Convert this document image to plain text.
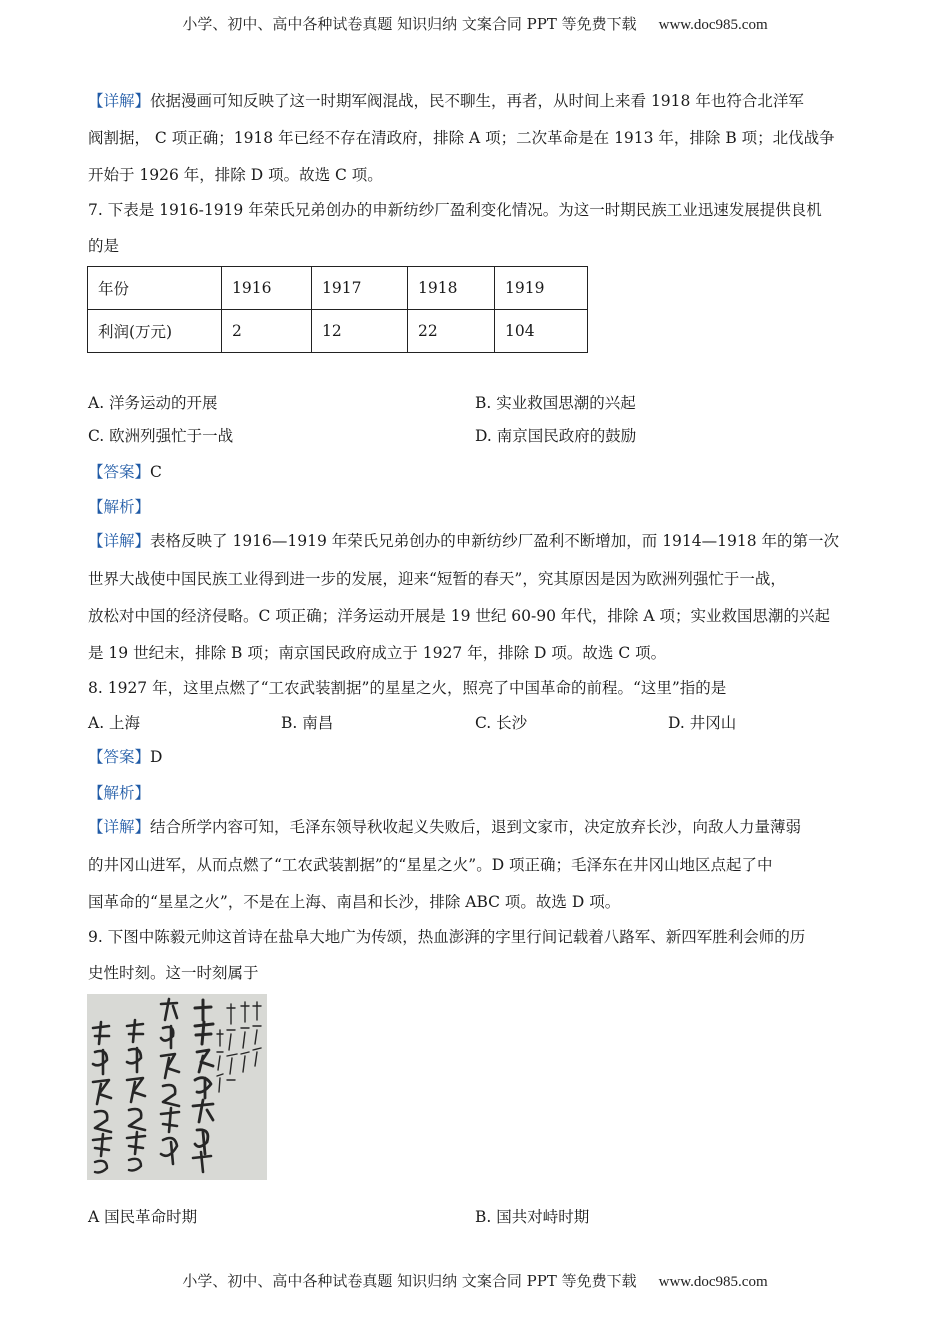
小学、初中、高中各种试卷真题 知识归纳 文案合同 PPT 等免费下载 www.doc985.com
【详解】依据漫画可知反映了这一时期军阀混战，民不聊生，再者，从时间上来看 1918 年也符合北洋军
阀割据， C 项正确；1918 年已经不存在清政府，排除 A 项；二次革命是在 1913 年，排除 B 项；北伐战争
开始于 1926 年，排除 D 项。故选 C 项。
7. 下表是 1916-1919 年荣氏兄弟创办的申新纺纱厂盈利变化情况。为这一时期民族工业迅速发展提供良机
的是
年份	1916	1917	1918	1919
利润(万元)	2	12	22	104
A. 洋务运动的开展	B. 实业救国思潮的兴起
C. 欧洲列强忙于一战	D. 南京国民政府的鼓励
【答案】C
【解析】
【详解】表格反映了 1916—1919 年荣氏兄弟创办的申新纺纱厂盈利不断增加，而 1914—1918 年的第一次
世界大战使中国民族工业得到进一步的发展，迎来“短暂的春天”，究其原因是因为欧洲列强忙于一战，
放松对中国的经济侵略。C 项正确；洋务运动开展是 19 世纪 60-90 年代，排除 A 项；实业救国思潮的兴起
是 19 世纪末，排除 B 项；南京国民政府成立于 1927 年，排除 D 项。故选 C 项。
8. 1927 年，这里点燃了“工农武装割据”的星星之火，照亮了中国革命的前程。“这里”指的是
A. 上海	B. 南昌	C. 长沙	D. 井冈山
【答案】D
【解析】
【详解】结合所学内容可知，毛泽东领导秋收起义失败后，退到文家市，决定放弃长沙，向敌人力量薄弱
的井冈山进军，从而点燃了“工农武装割据”的“星星之火”。D 项正确；毛泽东在井冈山地区点起了中
国革命的“星星之火”，不是在上海、南昌和长沙，排除 ABC 项。故选 D 项。
9. 下图中陈毅元帅这首诗在盐阜大地广为传颂，热血澎湃的字里行间记载着八路军、新四军胜利会师的历
史性时刻。这一时刻属于
A 国民革命时期	B. 国共对峙时期
小学、初中、高中各种试卷真题 知识归纳 文案合同 PPT 等免费下载 www.doc985.com
